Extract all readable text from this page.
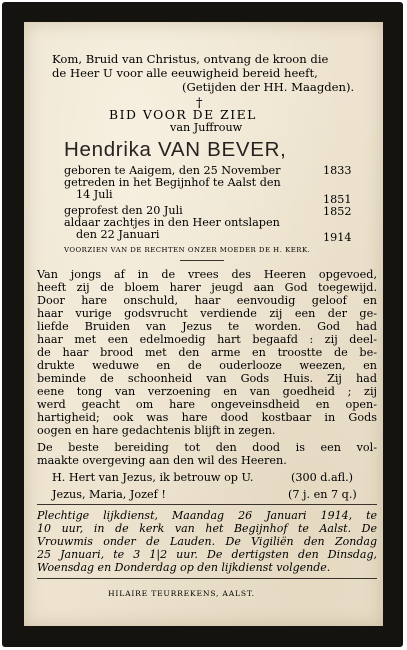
Kom, Bruid van Christus, ontvang de kroon die
de Heer U voor alle eeuwigheid bereid heeft,
(Getijden der HH. Maagden).
†
BID VOOR DE ZIEL
van Juffrouw
Hendrika VAN BEVER,
geboren te Aaigem, den 25 November	1833
getreden in het Begijnhof te Aalst den
14 Juli	1851
geprofest den 20 Juli	1852
aldaar zachtjes in den Heer ontslapen
den 22 Januari	1914
VOORZIEN VAN DE RECHTEN ONZER MOEDER DE H. KERK.
Van jongs af in de vrees des Heeren opgevoed,
heeft zij de bloem harer jeugd aan God toegewijd.
Door hare onschuld, haar eenvoudig geloof en
haar vurige godsvrucht verdiende zij een der ge-
liefde Bruiden van Jezus te worden. God had
haar met een edelmoedig hart begaafd : zij deel-
de haar brood met den arme en troostte de be-
drukte weduwe en de ouderlooze weezen, en
beminde de schoonheid van Gods Huis. Zij had
eene tong van verzoening en van goedheid ; zij
werd geacht om hare ongeveinsdheid en open-
hartigheid; ook was hare dood kostbaar in Gods
oogen en hare gedachtenis blijft in zegen.
De beste bereiding tot den dood is een vol-
maakte overgeving aan den wil des Heeren.
H. Hert van Jezus, ik betrouw op U.	(300 d.afl.)
Jezus, Maria, Jozef !	(7 j. en 7 q.)
Plechtige lijkdienst, Maandag 26 Januari 1914, te
10 uur, in de kerk van het Begijnhof te Aalst. De
Vrouwmis onder de Lauden. De Vigiliën den Zondag
25 Januari, te 3 1|2 uur. De dertigsten den Dinsdag,
Woensdag en Donderdag op den lijkdienst volgende.
HILAIRE TEURREKENS, AALST.
